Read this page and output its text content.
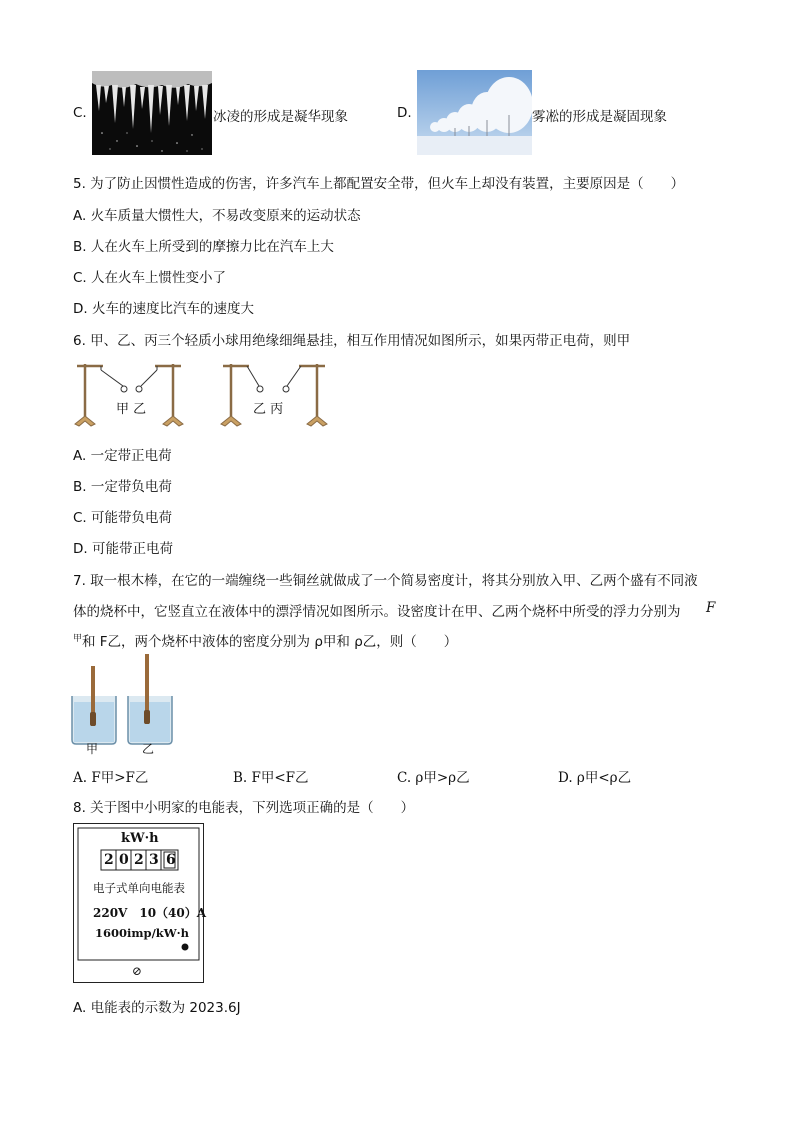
C.	冰凌的形成是凝华现象	D.	雾凇的形成是凝固现象
5. 为了防止因惯性造成的伤害，许多汽车上都配置安全带，但火车上却没有装置，主要原因是（　　）
A. 火车质量大惯性大，不易改变原来的运动状态
B. 人在火车上所受到的摩擦力比在汽车上大
C. 人在火车上惯性变小了
D. 火车的速度比汽车的速度大
6. 甲、乙、丙三个轻质小球用绝缘细绳悬挂，相互作用情况如图所示，如果丙带正电荷，则甲
甲 乙	乙 丙
A. 一定带正电荷
B. 一定带负电荷
C. 可能带负电荷
D. 可能带正电荷
7. 取一根木棒，在它的一端缠绕一些铜丝就做成了一个简易密度计，将其分别放入甲、乙两个盛有不同液
体的烧杯中，它竖直立在液体中的漂浮情况如图所示。设密度计在甲、乙两个烧杯中所受的浮力分别为 F
甲 和 F乙，两个烧杯中液体的密度分别为 ρ甲和 ρ乙，则（　　）
甲	乙
A. F甲>F乙	B. F甲<F乙	C. ρ甲>ρ乙	D. ρ甲<ρ乙
8. 关于图中小明家的电能表，下列选项正确的是（　　）
kW·h
2 0 2 3 6
电子式单向电能表
220V　10（40）A
1600imp/kW·h
⊘
A. 电能表的示数为 2023.6J
